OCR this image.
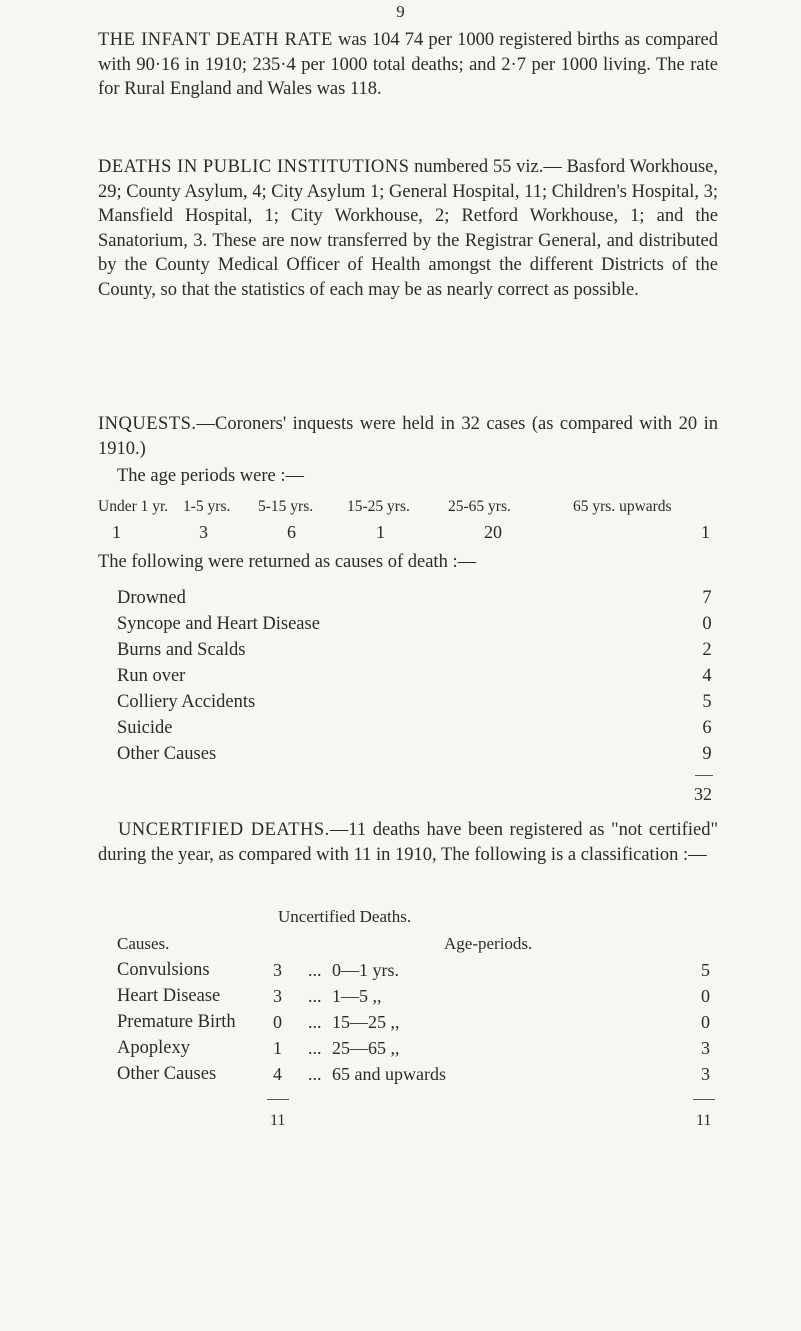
9
THE INFANT DEATH RATE was 104 74 per 1000 registered births as compared with 90·16 in 1910; 235·4 per 1000 total deaths; and 2·7 per 1000 living. The rate for Rural England and Wales was 118.
DEATHS IN PUBLIC INSTITUTIONS numbered 55 viz.— Basford Workhouse, 29; County Asylum, 4; City Asylum 1; General Hospital, 11; Children's Hospital, 3; Mansfield Hospital, 1; City Workhouse, 2; Retford Workhouse, 1; and the Sanatorium, 3. These are now transferred by the Registrar General, and distributed by the County Medical Officer of Health amongst the different Districts of the County, so that the statistics of each may be as nearly correct as possible.
INQUESTS.—Coroners' inquests were held in 32 cases (as compared with 20 in 1910.)
The age periods were :—
Under 1 yr. 1-5 yrs. 5-15 yrs. 15-25 yrs. 25-65 yrs.	65 yrs. upwards
1	3	6	1	20	1
The following were returned as causes of death :—
Drowned	7
Syncope and Heart Disease	0
Burns and Scalds	2
Run over	4
Colliery Accidents	5
Suicide	6
Other Causes	9
32
UNCERTIFIED DEATHS.—11 deaths have been registered as "not certified" during the year, as compared with 11 in 1910, The following is a classification :—
Uncertified Deaths.
Causes.	Age-periods.
Convulsions	3 ... 0—1 yrs.	5
Heart Disease	3 ... 1—5 ,,	0
Premature Birth 0 ... 15—25 ,,	0
Apoplexy	1 ... 25—65 ,,	3
Other Causes	4 ... 65 and upwards	3
11	11
